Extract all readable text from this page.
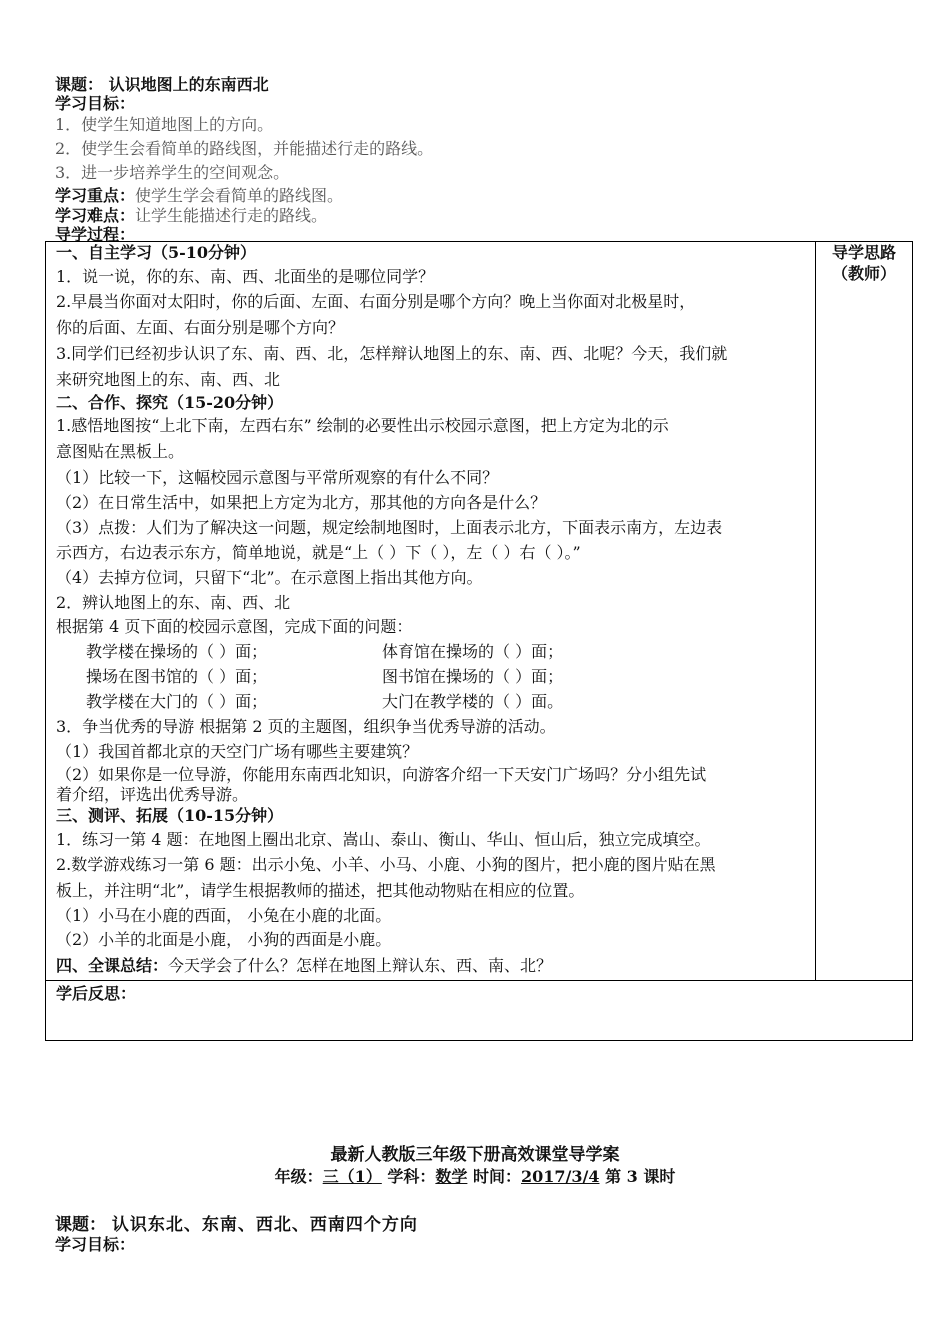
课题： 认识地图上的东南西北
学习目标：
1．使学生知道地图上的方向。
2．使学生会看简单的路线图，并能描述行走的路线。
3．进一步培养学生的空间观念。
学习重点：使学生学会看简单的路线图。
学习难点：让学生能描述行走的路线。
导学过程：
一、自主学习（5-10分钟）
1．说一说，你的东、南、西、北面坐的是哪位同学？
2.早晨当你面对太阳时，你的后面、左面、右面分别是哪个方向？晚上当你面对北极星时，
你的后面、左面、右面分别是哪个方向？
3.同学们已经初步认识了东、南、西、北，怎样辩认地图上的东、南、西、北呢？今天，我们就
来研究地图上的东、南、西、北
二、合作、探究（15-20分钟）
1.感悟地图按“上北下南，左西右东” 绘制的必要性出示校园示意图，把上方定为北的示
意图贴在黑板上。
（1）比较一下，这幅校园示意图与平常所观察的有什么不同？
（2）在日常生活中，如果把上方定为北方，那其他的方向各是什么？
（3）点拨：人们为了解决这一问题，规定绘制地图时，上面表示北方，下面表示南方，左边表
示西方，右边表示东方，简单地说，就是“上（ ）下（ ），左（ ）右（ ）。”
（4）去掉方位词，只留下“北”。在示意图上指出其他方向。
2．辨认地图上的东、南、西、北
根据第 4 页下面的校园示意图，完成下面的问题：
教学楼在操场的（ ）面；	体育馆在操场的（ ）面；
操场在图书馆的（ ）面；	图书馆在操场的（ ）面；
教学楼在大门的（ ）面；	大门在教学楼的（ ）面。
3．争当优秀的导游 根据第 2 页的主题图，组织争当优秀导游的活动。
（1）我国首都北京的天空门广场有哪些主要建筑？
（2）如果你是一位导游，你能用东南西北知识，向游客介绍一下天安门广场吗？分小组先试
着介绍，评选出优秀导游。
三、测评、拓展（10-15分钟）
1．练习一第 4 题：在地图上圈出北京、嵩山、泰山、衡山、华山、恒山后，独立完成填空。
2.数学游戏练习一第 6 题：出示小兔、小羊、小马、小鹿、小狗的图片，把小鹿的图片贴在黑
板上，并注明“北”，请学生根据教师的描述，把其他动物贴在相应的位置。
（1）小马在小鹿的西面， 小兔在小鹿的北面。
（2）小羊的北面是小鹿， 小狗的西面是小鹿。
四、全课总结：今天学会了什么？怎样在地图上辩认东、西、南、北？
导学思路
（教师）
学后反思：
最新人教版三年级下册高效课堂导学案
年级：三（1） 学科：数学 时间：2017/3/4 第 3 课时
课题： 认识东北、东南、西北、西南四个方向
学习目标：
